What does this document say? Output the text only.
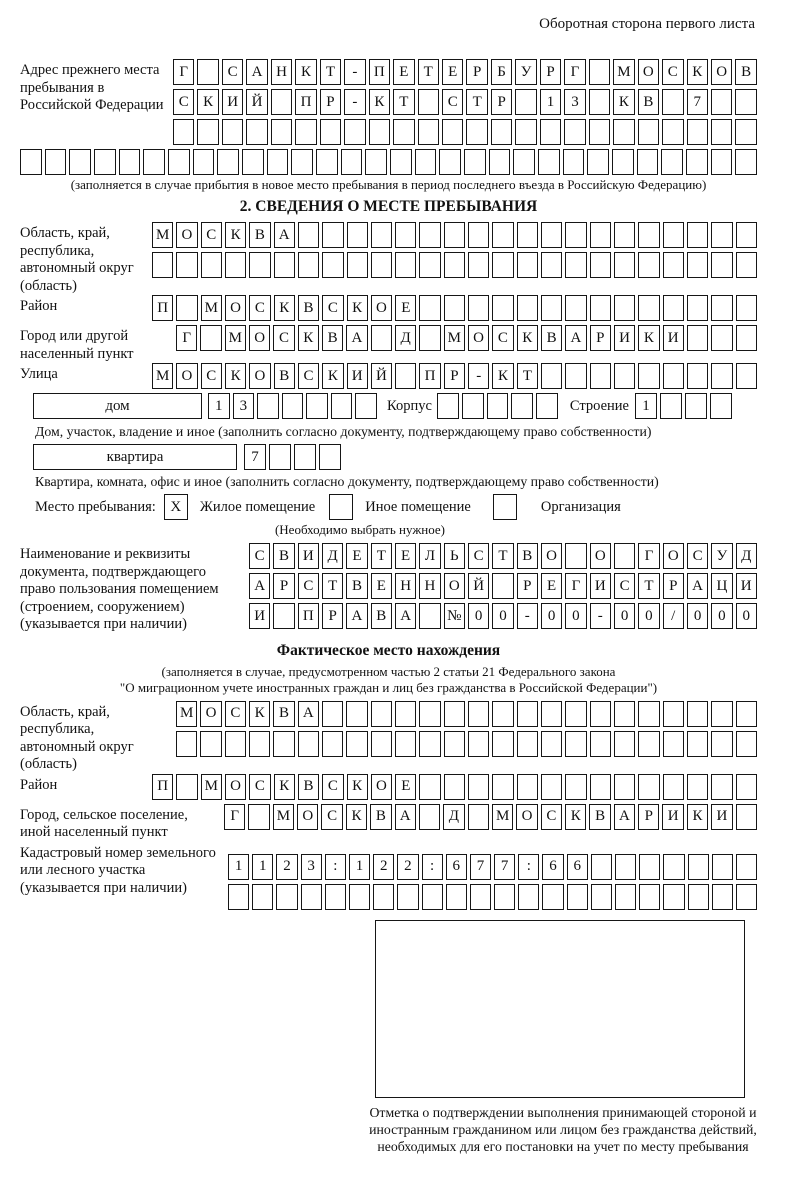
Оборотная сторона первого листа
Адрес прежнего места пребывания в Российской Федерации
Г	С А Н К Т	-	П Е	Т	Е	Р	Б У Р	Г	М О С К О В
С К И Й	П Р	-	К Т	С Т	Р	1	3	К В	7
(заполняется в случае прибытия в новое место пребывания в период последнего въезда в Российскую Федерацию)
2. СВЕДЕНИЯ О МЕСТЕ ПРЕБЫВАНИЯ
Область, край, республика, автономный округ (область)
М О С К В А
Район	П	М О С К В С К О Е
Город или другой населенный пункт
Г	М О С К В А	Д	М О С К В А Р И К И
Улица	М О С К О В С К И Й	П Р	-	К Т
дом	1	3	Корпус	Строение 1
Дом, участок, владение и иное (заполнить согласно документу, подтверждающему право собственности)
квартира	7
Квартира, комната, офис и иное (заполнить согласно документу, подтверждающему право собственности)
Место пребывания: X	Жилое помещение	Иное помещение	Организация
(Необходимо выбрать нужное)
Наименование и реквизиты документа, подтверждающего право пользования помещением (строением, сооружением) (указывается при наличии)
С В И Д Е	Т	Е Л Ь	С Т В О	О	Г О С У Д
А Р	С Т В Е Н Н О Й	Р	Е	Г И С Т	Р А Ц И
И	П Р А В А	№ 0	0	-	0	0	-	0	0	/	0	0	0
Фактическое место нахождения
(заполняется в случае, предусмотренном частью 2 статьи 21 Федерального закона
"О миграционном учете иностранных граждан и лиц без гражданства в Российской Федерации")
Область, край, республика, автономный округ (область)
М О С К В А
Район	П	М О С К В С К О Е
Город, сельское поселение, иной населенный пункт
Г	М О С К В А	Д	М О С К В А Р И К И
Кадастровый номер земельного или лесного участка (указывается при наличии)
1	1	2	3	:	1	2	2	:	6	7	7	:	6	6
Отметка о подтверждении выполнения принимающей стороной и иностранным гражданином или лицом без гражданства действий, необходимых для его постановки на учет по месту пребывания
